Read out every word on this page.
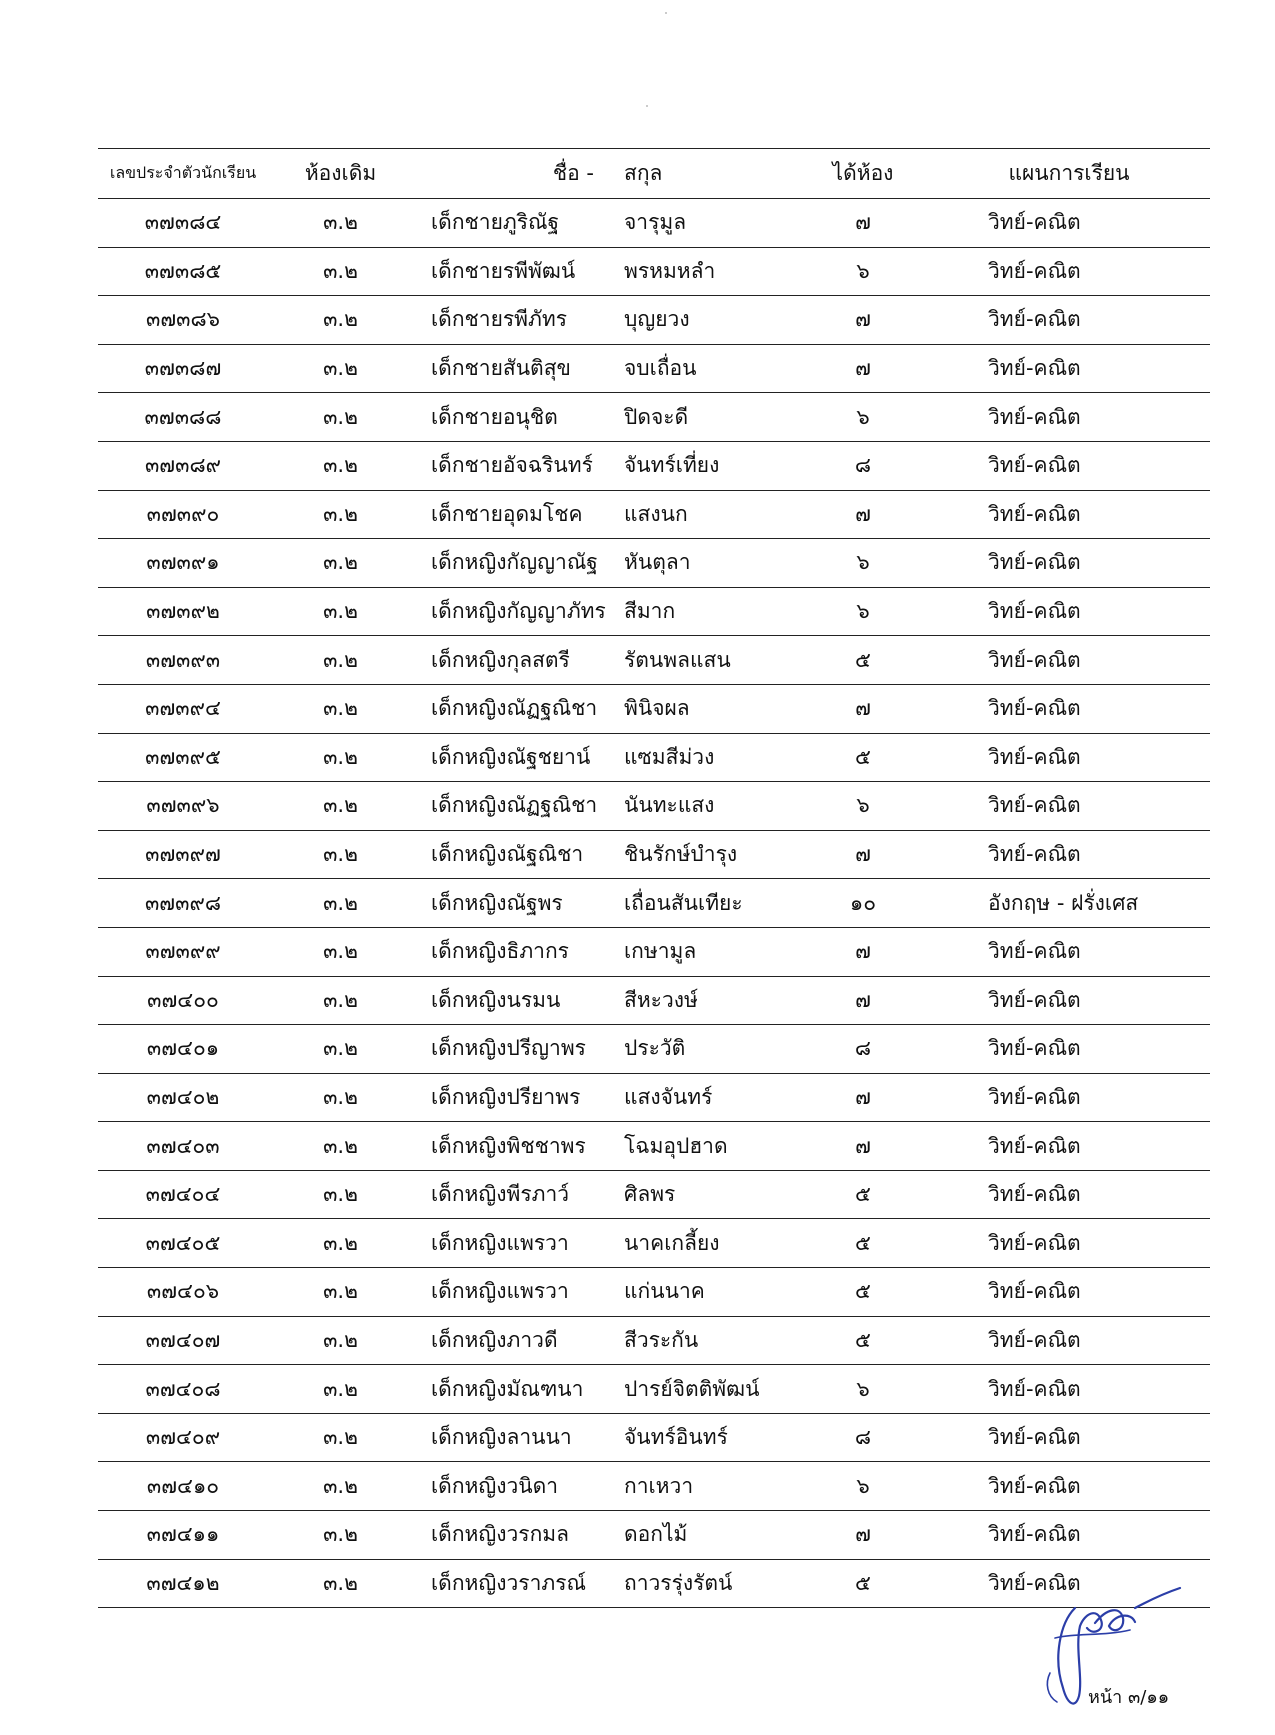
เลขประจำตัวนักเรียน	ห้องเดิม	ชื่อ -	สกุล	ได้ห้อง	แผนการเรียน
๓๗๓๘๔	๓.๒	เด็กชายภูริณัฐ	จารุมูล	๗	วิทย์-คณิต
๓๗๓๘๕	๓.๒	เด็กชายรพีพัฒน์	พรหมหลำ	๖	วิทย์-คณิต
๓๗๓๘๖	๓.๒	เด็กชายรพีภัทร	บุญยวง	๗	วิทย์-คณิต
๓๗๓๘๗	๓.๒	เด็กชายสันติสุข	จบเถื่อน	๗	วิทย์-คณิต
๓๗๓๘๘	๓.๒	เด็กชายอนุชิต	ปิดจะดี	๖	วิทย์-คณิต
๓๗๓๘๙	๓.๒	เด็กชายอัจฉรินทร์	จันทร์เที่ยง	๘	วิทย์-คณิต
๓๗๓๙๐	๓.๒	เด็กชายอุดมโชค	แสงนก	๗	วิทย์-คณิต
๓๗๓๙๑	๓.๒	เด็กหญิงกัญญาณัฐ	หันตุลา	๖	วิทย์-คณิต
๓๗๓๙๒	๓.๒	เด็กหญิงกัญญาภัทร	สีมาก	๖	วิทย์-คณิต
๓๗๓๙๓	๓.๒	เด็กหญิงกุลสตรี	รัตนพลแสน	๕	วิทย์-คณิต
๓๗๓๙๔	๓.๒	เด็กหญิงณัฏฐณิชา	พินิจผล	๗	วิทย์-คณิต
๓๗๓๙๕	๓.๒	เด็กหญิงณัฐชยาน์	แซมสีม่วง	๕	วิทย์-คณิต
๓๗๓๙๖	๓.๒	เด็กหญิงณัฏฐณิชา	นันทะแสง	๖	วิทย์-คณิต
๓๗๓๙๗	๓.๒	เด็กหญิงณัฐณิชา	ชินรักษ์บำรุง	๗	วิทย์-คณิต
๓๗๓๙๘	๓.๒	เด็กหญิงณัฐพร	เถื่อนสันเทียะ	๑๐	อังกฤษ - ฝรั่งเศส
๓๗๓๙๙	๓.๒	เด็กหญิงธิภากร	เกษามูล	๗	วิทย์-คณิต
๓๗๔๐๐	๓.๒	เด็กหญิงนรมน	สีหะวงษ์	๗	วิทย์-คณิต
๓๗๔๐๑	๓.๒	เด็กหญิงปรีญาพร	ประวัติ	๘	วิทย์-คณิต
๓๗๔๐๒	๓.๒	เด็กหญิงปรียาพร	แสงจันทร์	๗	วิทย์-คณิต
๓๗๔๐๓	๓.๒	เด็กหญิงพิชชาพร	โฉมอุปฮาด	๗	วิทย์-คณิต
๓๗๔๐๔	๓.๒	เด็กหญิงพีรภาว์	ศิลพร	๕	วิทย์-คณิต
๓๗๔๐๕	๓.๒	เด็กหญิงแพรวา	นาคเกลี้ยง	๕	วิทย์-คณิต
๓๗๔๐๖	๓.๒	เด็กหญิงแพรวา	แก่นนาค	๕	วิทย์-คณิต
๓๗๔๐๗	๓.๒	เด็กหญิงภาวดี	สีวระกัน	๕	วิทย์-คณิต
๓๗๔๐๘	๓.๒	เด็กหญิงมัณฑนา	ปารย์จิตติพัฒน์	๖	วิทย์-คณิต
๓๗๔๐๙	๓.๒	เด็กหญิงลานนา	จันทร์อินทร์	๘	วิทย์-คณิต
๓๗๔๑๐	๓.๒	เด็กหญิงวนิดา	กาเหวา	๖	วิทย์-คณิต
๓๗๔๑๑	๓.๒	เด็กหญิงวรกมล	ดอกไม้	๗	วิทย์-คณิต
๓๗๔๑๒	๓.๒	เด็กหญิงวราภรณ์	ถาวรรุ่งรัตน์	๕	วิทย์-คณิต
หน้า ๓/๑๑
